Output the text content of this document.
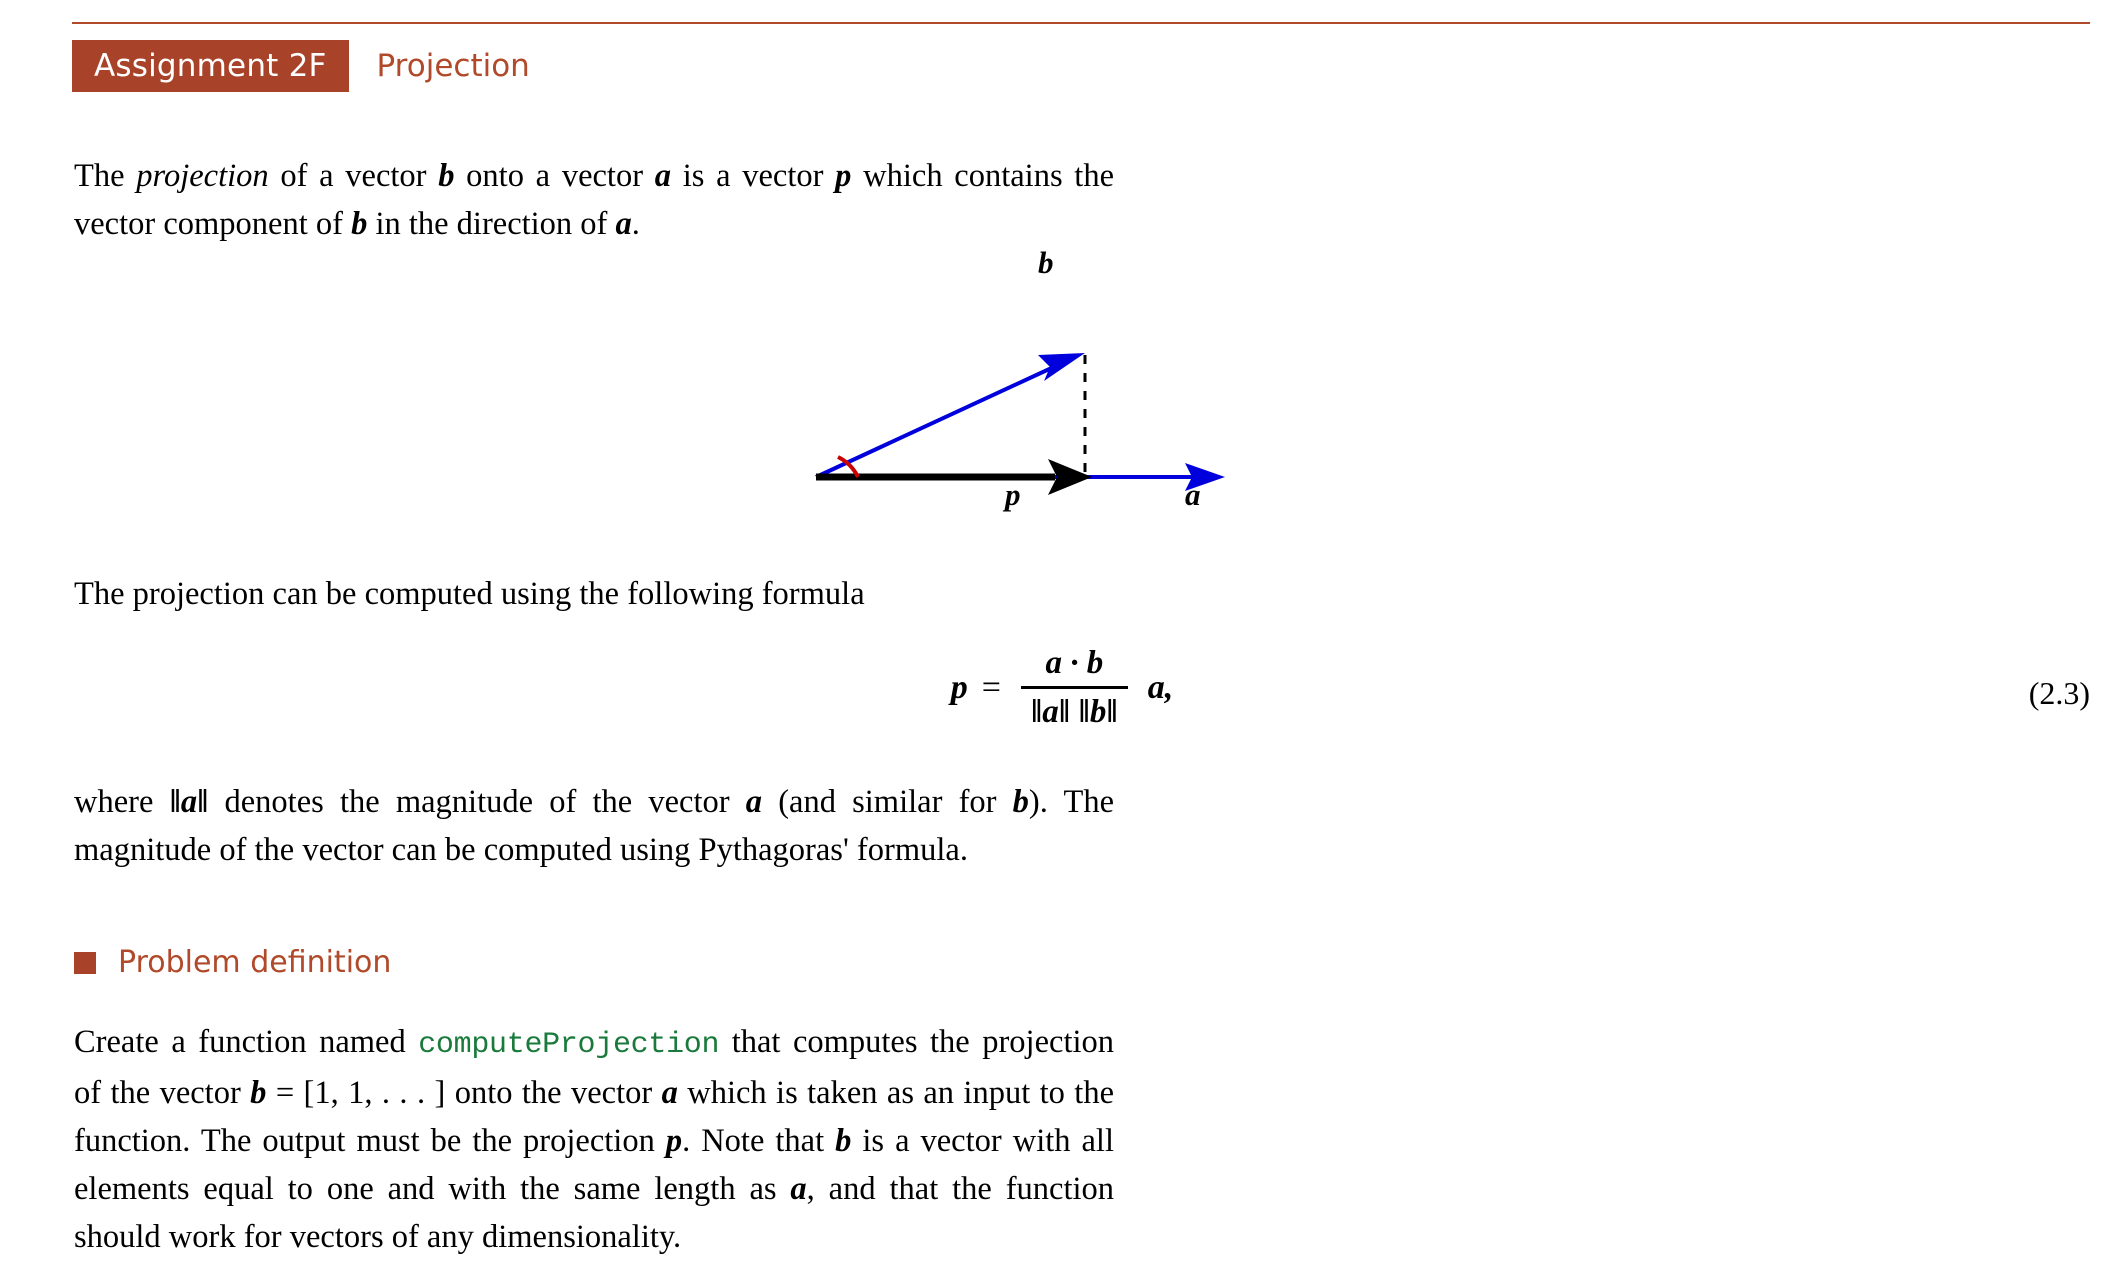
Assignment 2F	Projection
The projection of a vector b onto a vector a is a vector p which contains the vector component of b in the direction of a.
b
p	a
The projection can be computed using the following formula
$p = \frac{a \cdot b}{‖a‖ ‖b‖} a$,	(2.3)
where ‖a‖ denotes the magnitude of the vector a (and similar for b). The magnitude of the vector can be computed using Pythagoras' formula.
Problem definition
Create a function named computeProjection that computes the projection of the vector b = [1, 1, . . . ] onto the vector a which is taken as an input to the function. The output must be the projection p. Note that b is a vector with all elements equal to one and with the same length as a, and that the function should work for vectors of any dimensionality.
